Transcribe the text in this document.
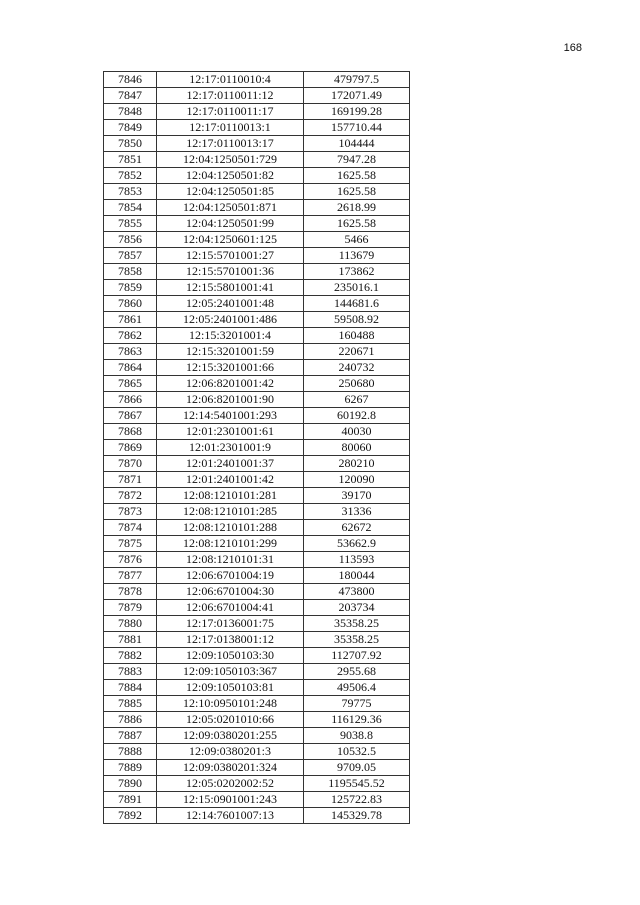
168
7846	12:17:0110010:4	479797.5
7847	12:17:0110011:12	172071.49
7848	12:17:0110011:17	169199.28
7849	12:17:0110013:1	157710.44
7850	12:17:0110013:17	104444
7851	12:04:1250501:729	7947.28
7852	12:04:1250501:82	1625.58
7853	12:04:1250501:85	1625.58
7854	12:04:1250501:871	2618.99
7855	12:04:1250501:99	1625.58
7856	12:04:1250601:125	5466
7857	12:15:5701001:27	113679
7858	12:15:5701001:36	173862
7859	12:15:5801001:41	235016.1
7860	12:05:2401001:48	144681.6
7861	12:05:2401001:486	59508.92
7862	12:15:3201001:4	160488
7863	12:15:3201001:59	220671
7864	12:15:3201001:66	240732
7865	12:06:8201001:42	250680
7866	12:06:8201001:90	6267
7867	12:14:5401001:293	60192.8
7868	12:01:2301001:61	40030
7869	12:01:2301001:9	80060
7870	12:01:2401001:37	280210
7871	12:01:2401001:42	120090
7872	12:08:1210101:281	39170
7873	12:08:1210101:285	31336
7874	12:08:1210101:288	62672
7875	12:08:1210101:299	53662.9
7876	12:08:1210101:31	113593
7877	12:06:6701004:19	180044
7878	12:06:6701004:30	473800
7879	12:06:6701004:41	203734
7880	12:17:0136001:75	35358.25
7881	12:17:0138001:12	35358.25
7882	12:09:1050103:30	112707.92
7883	12:09:1050103:367	2955.68
7884	12:09:1050103:81	49506.4
7885	12:10:0950101:248	79775
7886	12:05:0201010:66	116129.36
7887	12:09:0380201:255	9038.8
7888	12:09:0380201:3	10532.5
7889	12:09:0380201:324	9709.05
7890	12:05:0202002:52	1195545.52
7891	12:15:0901001:243	125722.83
7892	12:14:7601007:13	145329.78
